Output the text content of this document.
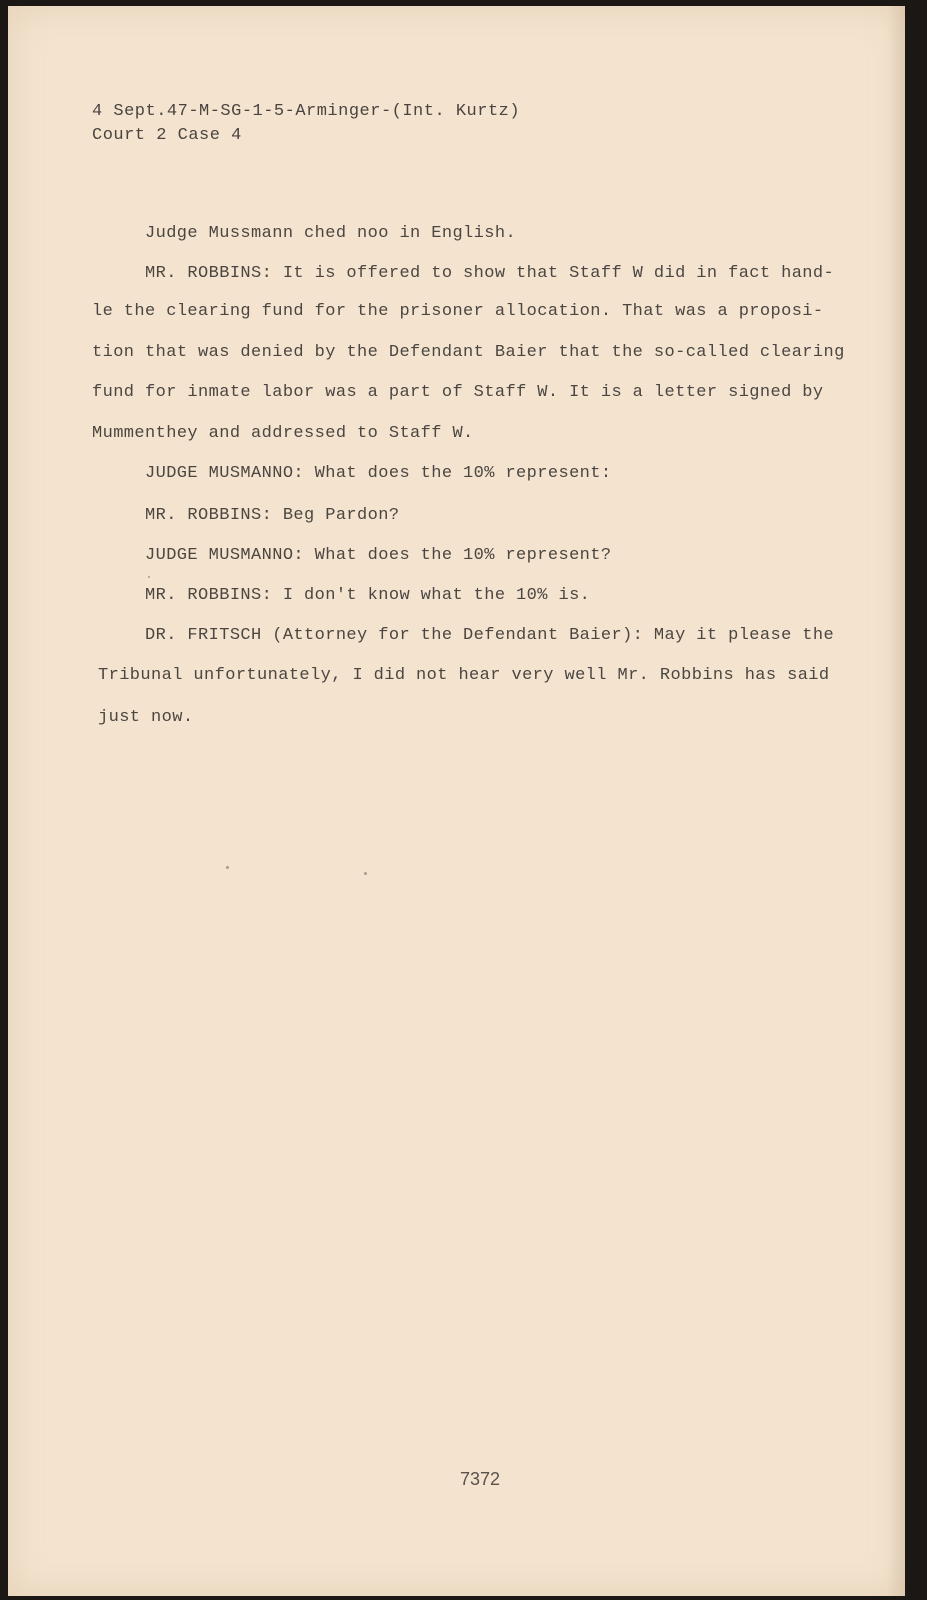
4 Sept.47-M-SG-1-5-Arminger-(Int. Kurtz)
Court 2 Case 4
Judge Mussmann ched noo in English.
MR. ROBBINS: It is offered to show that Staff W did in fact hand-
le the clearing fund for the prisoner allocation. That was a proposi-
tion that was denied by the Defendant Baier that the so-called clearing
fund for inmate labor was a part of Staff W. It is a letter signed by
Mummenthey and addressed to Staff W.
JUDGE MUSMANNO: What does the 10% represent:
MR. ROBBINS: Beg Pardon?
JUDGE MUSMANNO: What does the 10% represent?
MR. ROBBINS: I don't know what the 10% is.
DR. FRITSCH (Attorney for the Defendant Baier): May it please the
Tribunal unfortunately, I did not hear very well Mr. Robbins has said
just now.
7372
